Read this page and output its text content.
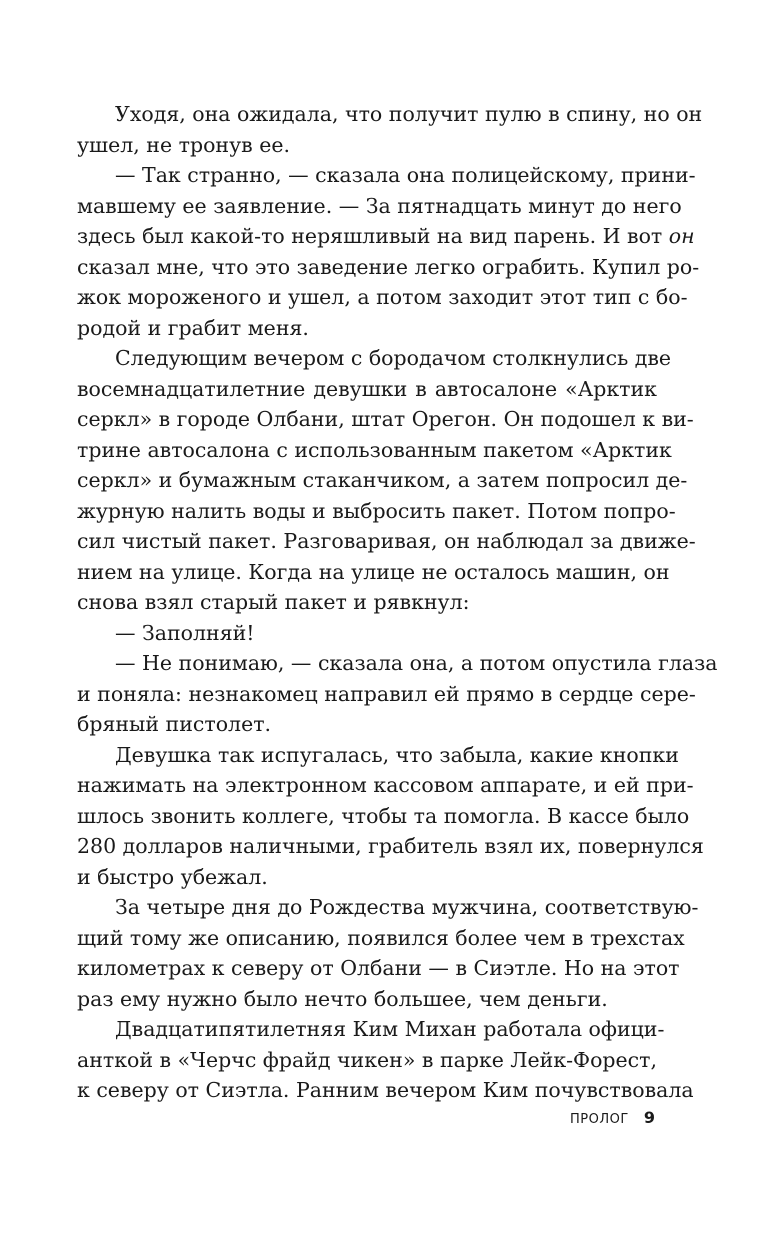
Уходя, она ожидала, что получит пулю в спину, но он
ушел, не тронув ее.
— Так странно, — сказала она полицейскому, прини-
мавшему ее заявление. — За пятнадцать минут до него
здесь был какой-то неряшливый на вид парень. И вот он
сказал мне, что это заведение легко ограбить. Купил ро-
жок мороженого и ушел, а потом заходит этот тип с бо-
родой и грабит меня.
Следующим вечером с бородачом столкнулись две
восемнадцатилетние девушки в автосалоне «Арктик
серкл» в городе Олбани, штат Орегон. Он подошел к ви-
трине автосалона с использованным пакетом «Арктик
серкл» и бумажным стаканчиком, а затем попросил де-
журную налить воды и выбросить пакет. Потом попро-
сил чистый пакет. Разговаривая, он наблюдал за движе-
нием на улице. Когда на улице не осталось машин, он
снова взял старый пакет и рявкнул:
— Заполняй!
— Не понимаю, — сказала она, а потом опустила глаза
и поняла: незнакомец направил ей прямо в сердце сере-
бряный пистолет.
Девушка так испугалась, что забыла, какие кнопки
нажимать на электронном кассовом аппарате, и ей при-
шлось звонить коллеге, чтобы та помогла. В кассе было
280 долларов наличными, грабитель взял их, повернулся
и быстро убежал.
За четыре дня до Рождества мужчина, соответствую-
щий тому же описанию, появился более чем в трехстах
километрах к северу от Олбани — в Сиэтле. Но на этот
раз ему нужно было нечто большее, чем деньги.
Двадцатипятилетняя Ким Михан работала офици-
анткой в «Черчс фрайд чикен» в парке Лейк-Форест,
к северу от Сиэтла. Ранним вечером Ким почувствовала
ПРОЛОГ 9
